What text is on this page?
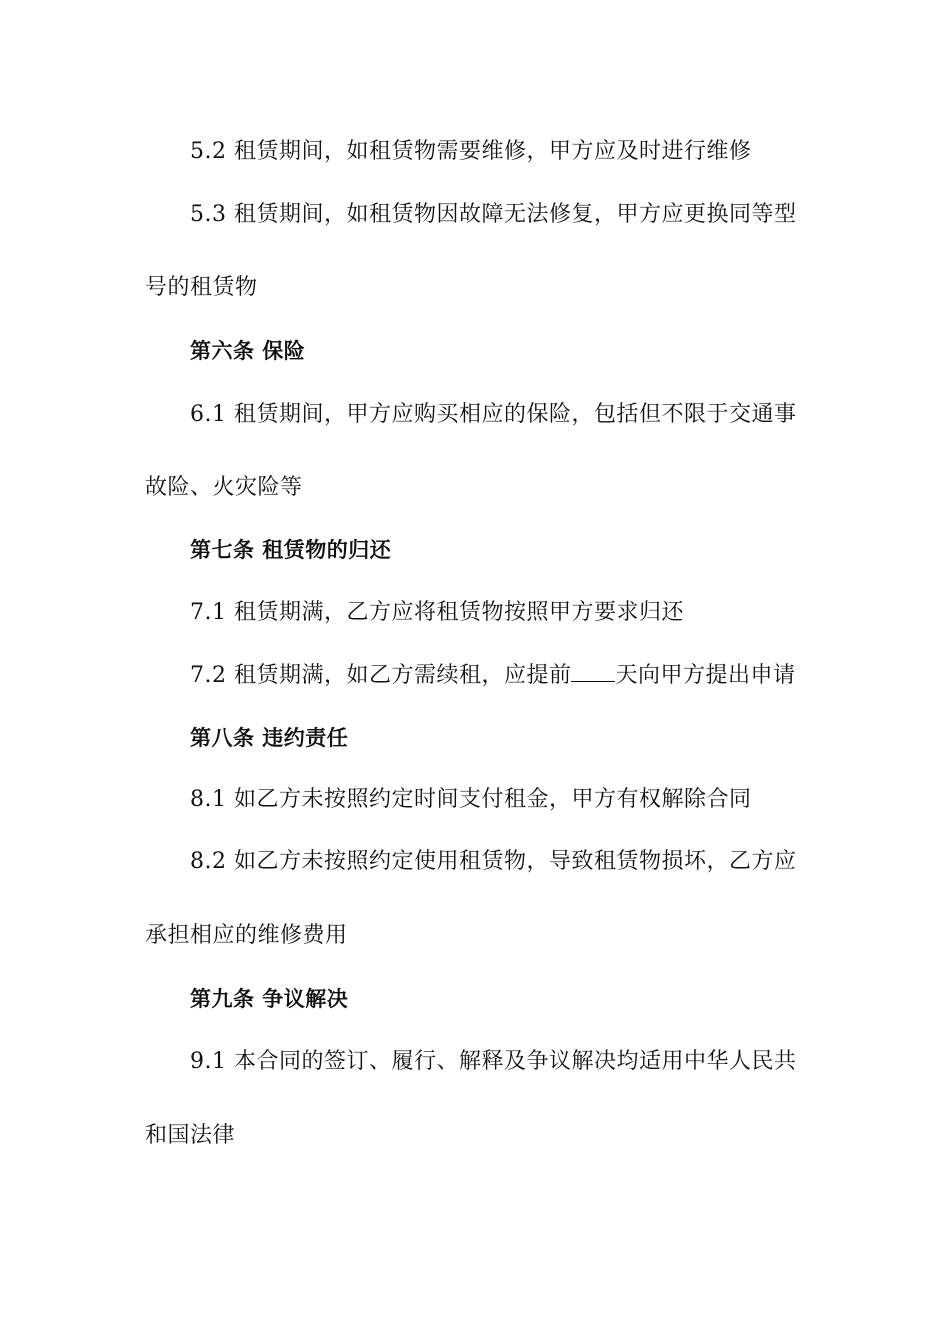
5.2 租赁期间，如租赁物需要维修，甲方应及时进行维修
5.3 租赁期间，如租赁物因故障无法修复，甲方应更换同等型
号的租赁物
第六条 保险
6.1 租赁期间，甲方应购买相应的保险，包括但不限于交通事
故险、火灾险等
第七条 租赁物的归还
7.1 租赁期满，乙方应将租赁物按照甲方要求归还
7.2 租赁期满，如乙方需续租，应提前 天向甲方提出申请
第八条 违约责任
8.1 如乙方未按照约定时间支付租金，甲方有权解除合同
8.2 如乙方未按照约定使用租赁物，导致租赁物损坏，乙方应
承担相应的维修费用
第九条 争议解决
9.1 本合同的签订、履行、解释及争议解决均适用中华人民共
和国法律
